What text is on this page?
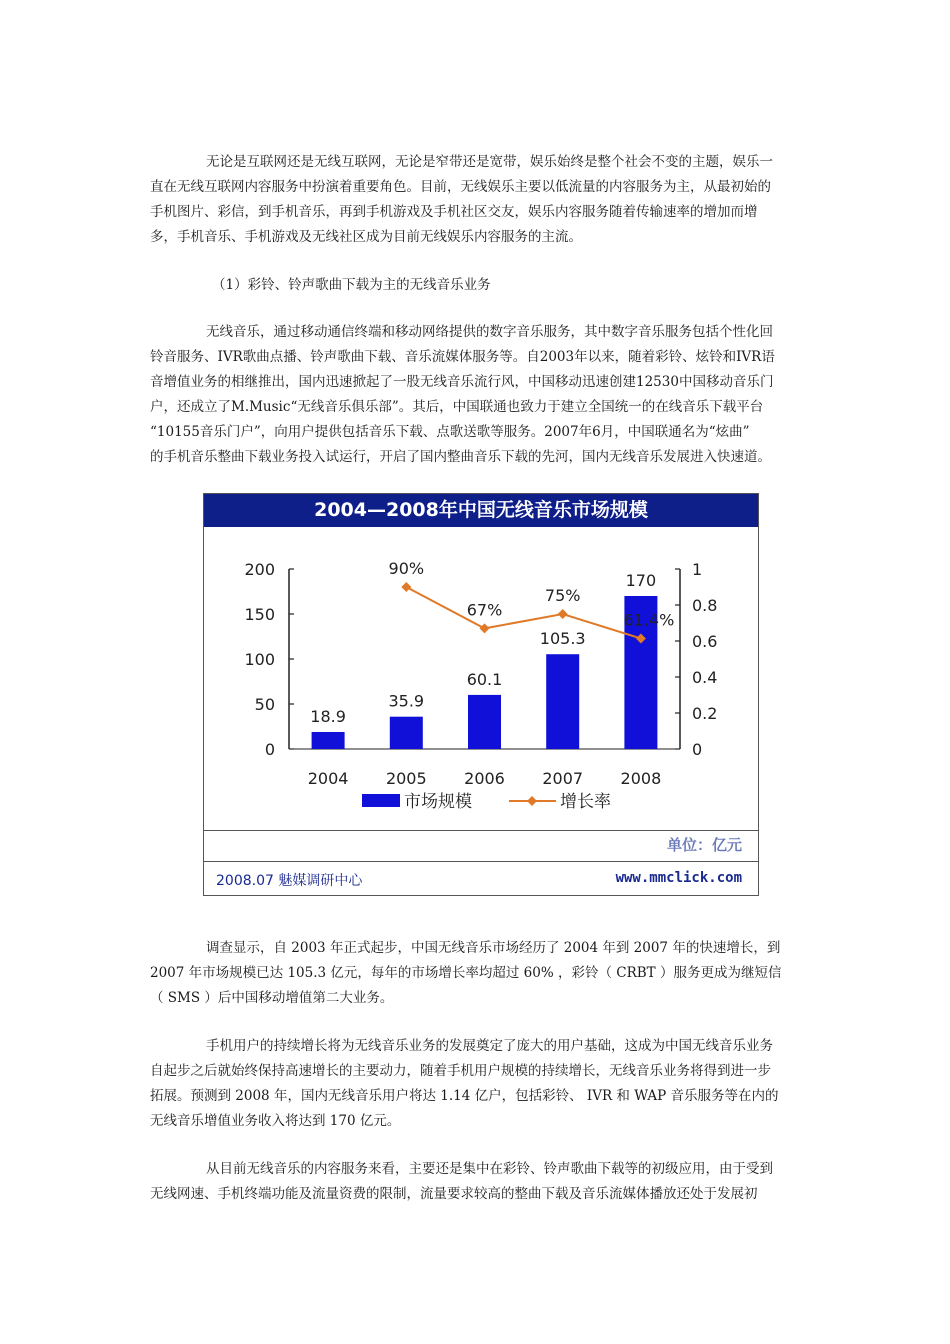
无论是互联网还是无线互联网，无论是窄带还是宽带，娱乐始终是整个社会不变的主题，娱乐一
直在无线互联网内容服务中扮演着重要角色。目前，无线娱乐主要以低流量的内容服务为主，从最初始的
手机图片、彩信，到手机音乐，再到手机游戏及手机社区交友，娱乐内容服务随着传输速率的增加而增
多，手机音乐、手机游戏及无线社区成为目前无线娱乐内容服务的主流。

（1）彩铃、铃声歌曲下载为主的无线音乐业务

无线音乐，通过移动通信终端和移动网络提供的数字音乐服务，其中数字音乐服务包括个性化回
铃音服务、IVR歌曲点播、铃声歌曲下载、音乐流媒体服务等。自2003年以来，随着彩铃、炫铃和IVR语
音增值业务的相继推出，国内迅速掀起了一股无线音乐流行风，中国移动迅速创建12530中国移动音乐门
户，还成立了M.Music“无线音乐俱乐部”。其后，中国联通也致力于建立全国统一的在线音乐下载平台
“10155音乐门户”，向用户提供包括音乐下载、点歌送歌等服务。2007年6月，中国联通名为“炫曲”
的手机音乐整曲下载业务投入试运行，开启了国内整曲音乐下载的先河，国内无线音乐发展进入快速道。

2004—2008年中国无线音乐市场规模
0
50
100
150
200
0
0.2
0.4
0.6
0.8
1
18.9
2004
35.9
2005
60.1
2006
105.3
2007
170
2008
90%
67%
75%
61.4%
市场规模	增长率
单位：亿元
2008.07 魅媒调研中心	www.mmclick.com

调查显示，自 2003 年正式起步，中国无线音乐市场经历了 2004 年到 2007 年的快速增长，到
2007 年市场规模已达 105.3 亿元，每年的市场增长率均超过 60% ，彩铃（ CRBT ）服务更成为继短信
（ SMS ）后中国移动增值第二大业务。

手机用户的持续增长将为无线音乐业务的发展奠定了庞大的用户基础，这成为中国无线音乐业务
自起步之后就始终保持高速增长的主要动力，随着手机用户规模的持续增长，无线音乐业务将得到进一步
拓展。预测到 2008 年，国内无线音乐用户将达 1.14 亿户，包括彩铃、 IVR 和 WAP 音乐服务等在内的
无线音乐增值业务收入将达到 170 亿元。

从目前无线音乐的内容服务来看，主要还是集中在彩铃、铃声歌曲下载等的初级应用，由于受到
无线网速、手机终端功能及流量资费的限制，流量要求较高的整曲下载及音乐流媒体播放还处于发展初
